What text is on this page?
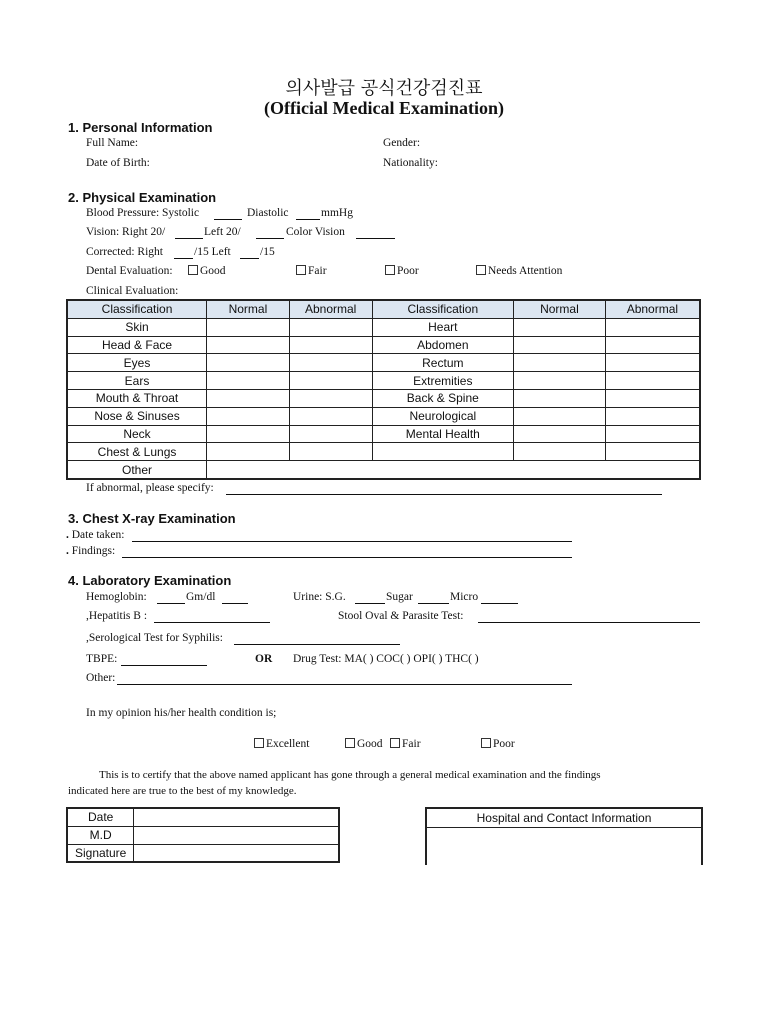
의사발급 공식건강검진표
(Official Medical Examination)
1. Personal Information
Full Name:	Gender:
Date of Birth:	Nationality:
2. Physical Examination
Blood Pressure: Systolic	Diastolic	mmHg
Vision: Right 20/	Left 20/	Color Vision
Corrected: Right	/15 Left	/15
Dental Evaluation:	Good	Fair	Poor	Needs Attention
Clinical Evaluation:
Classification	Normal	Abnormal	Classification	Normal	Abnormal
Skin			Heart		
Head & Face			Abdomen		
Eyes			Rectum		
Ears			Extremities		
Mouth & Throat			Back & Spine		
Nose & Sinuses			Neurological		
Neck			Mental Health		
Chest & Lungs					
Other					
If abnormal, please specify:
3. Chest X-ray Examination
. Date taken:
. Findings:
4. Laboratory Examination
Hemoglobin:	Gm/dl	Urine: S.G.	Sugar	Micro
,Hepatitis B :	Stool Oval & Parasite Test:
,Serological Test for Syphilis:
TBPE:	OR Drug Test: MA( ) COC( ) OPI( ) THC( )
Other:
In my opinion his/her health condition is;
Excellent	Good	Fair	Poor
This is to certify that the above named applicant has gone through a general medical examination and the findings
indicated here are true to the best of my knowledge.
Date	
M.D	
Signature	
Hospital and Contact Information
